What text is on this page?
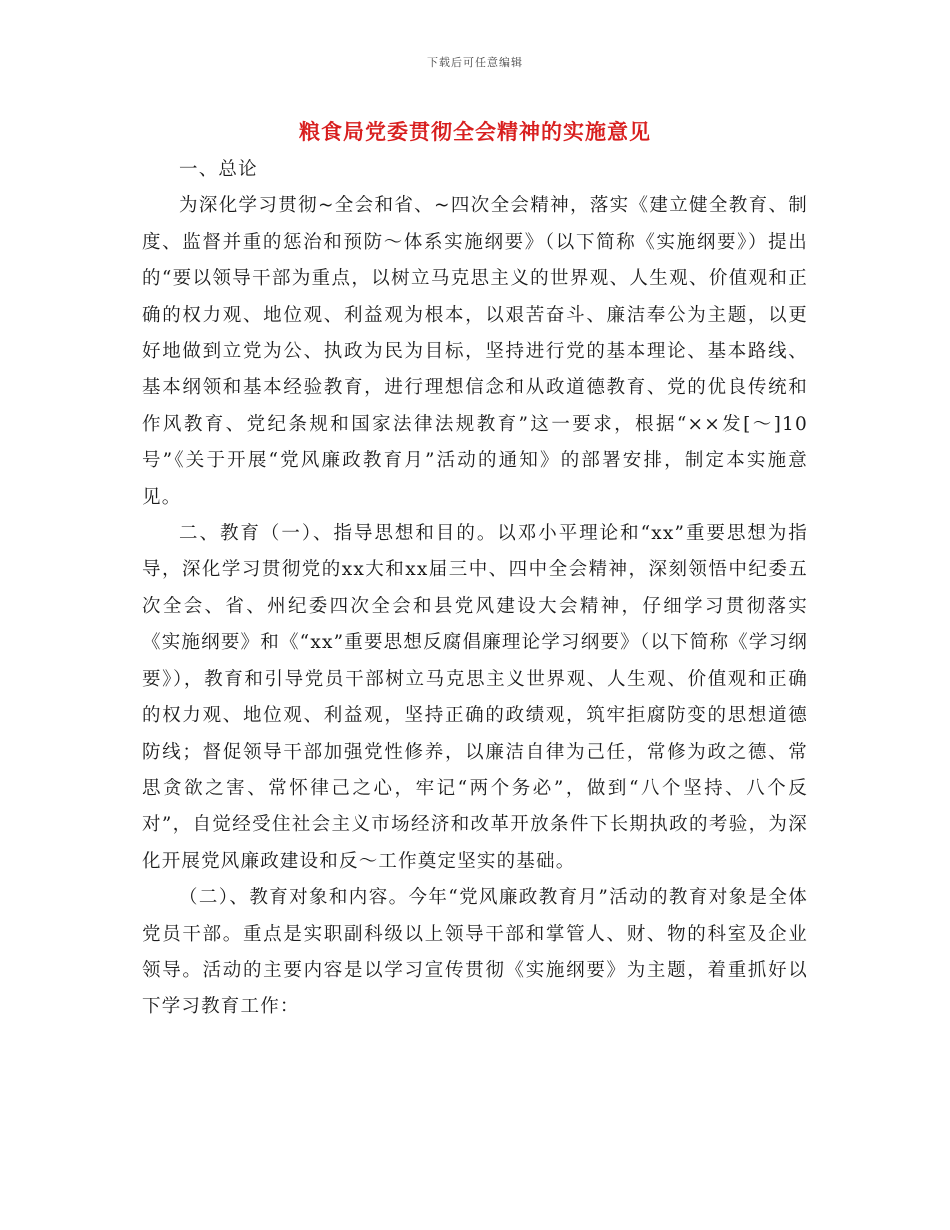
下载后可任意编辑
粮食局党委贯彻全会精神的实施意见

一、总论

为深化学习贯彻~全会和省、~四次全会精神，落实《建立健全教育、制度、监督并重的惩治和预防～体系实施纲要》（以下简称《实施纲要》）提出的“要以领导干部为重点，以树立马克思主义的世界观、人生观、价值观和正确的权力观、地位观、利益观为根本，以艰苦奋斗、廉洁奉公为主题，以更好地做到立党为公、执政为民为目标，坚持进行党的基本理论、基本路线、基本纲领和基本经验教育，进行理想信念和从政道德教育、党的优良传统和作风教育、党纪条规和国家法律法规教育”这一要求，根据“××发[～]10号”《关于开展“党风廉政教育月”活动的通知》的部署安排，制定本实施意见。

二、教育（一）、指导思想和目的。以邓小平理论和“xx”重要思想为指导，深化学习贯彻党的xx大和xx届三中、四中全会精神，深刻领悟中纪委五次全会、省、州纪委四次全会和县党风建设大会精神，仔细学习贯彻落实《实施纲要》和《“xx”重要思想反腐倡廉理论学习纲要》（以下简称《学习纲要》），教育和引导党员干部树立马克思主义世界观、人生观、价值观和正确的权力观、地位观、利益观，坚持正确的政绩观，筑牢拒腐防变的思想道德防线；督促领导干部加强党性修养，以廉洁自律为己任，常修为政之德、常思贪欲之害、常怀律己之心，牢记“两个务必”，做到“八个坚持、八个反对”，自觉经受住社会主义市场经济和改革开放条件下长期执政的考验，为深化开展党风廉政建设和反～工作奠定坚实的基础。

（二）、教育对象和内容。今年“党风廉政教育月”活动的教育对象是全体党员干部。重点是实职副科级以上领导干部和掌管人、财、物的科室及企业领导。活动的主要内容是以学习宣传贯彻《实施纲要》为主题，着重抓好以下学习教育工作：
